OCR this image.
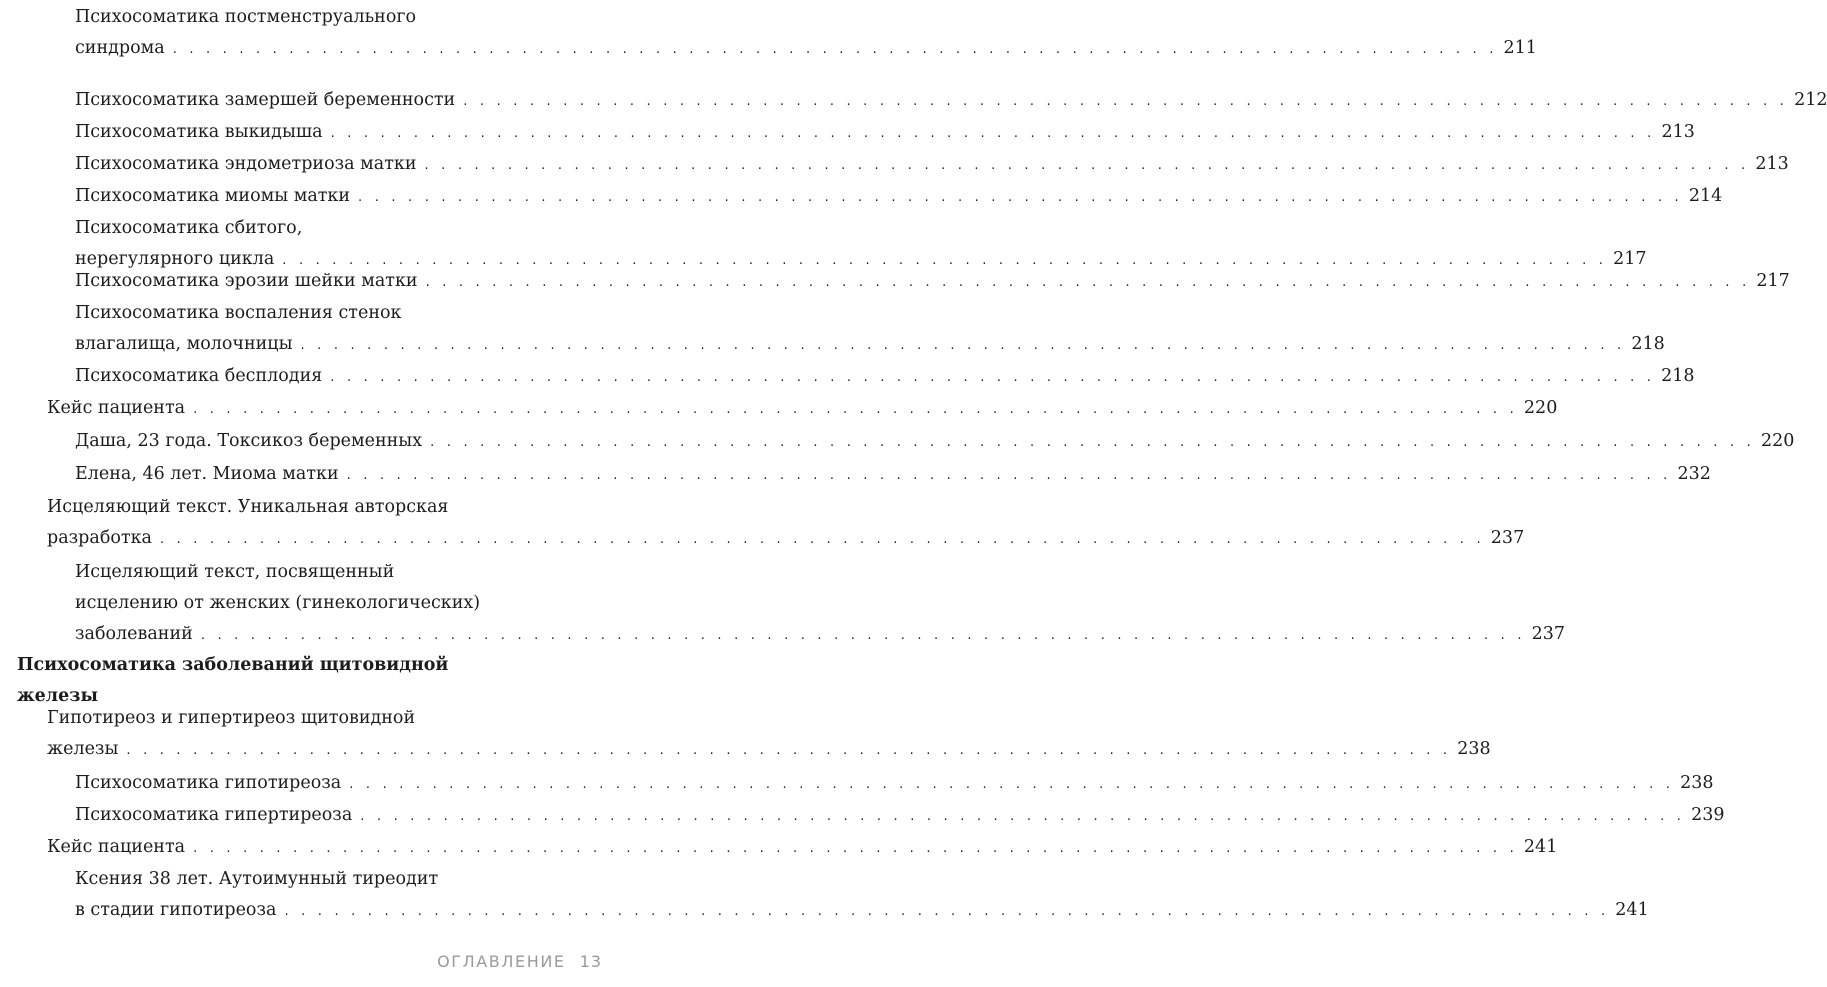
Психосоматика постменструального
синдрома . . . . . . . . . . . . . . . . . . . . . . . . . . . . . . . . . . . . . . . . . . . . . . . . . . . . . . . . . . . . . . . . . . . . . . . . . . . . . . . . 211
Психосоматика замершей беременности . . . . . . . . . . . . . . . . . . . . . . . . . . . . . . . . . . . . . . . . . . . . . . . . . . . . . . . . . . . . . . . . . . . . . . . . . . . . . . . . 212
Психосоматика выкидыша . . . . . . . . . . . . . . . . . . . . . . . . . . . . . . . . . . . . . . . . . . . . . . . . . . . . . . . . . . . . . . . . . . . . . . . . . . . . . . . . 213
Психосоматика эндометриоза матки . . . . . . . . . . . . . . . . . . . . . . . . . . . . . . . . . . . . . . . . . . . . . . . . . . . . . . . . . . . . . . . . . . . . . . . . . . . . . . . . 213
Психосоматика миомы матки . . . . . . . . . . . . . . . . . . . . . . . . . . . . . . . . . . . . . . . . . . . . . . . . . . . . . . . . . . . . . . . . . . . . . . . . . . . . . . . . 214
Психосоматика сбитого,
нерегулярного цикла . . . . . . . . . . . . . . . . . . . . . . . . . . . . . . . . . . . . . . . . . . . . . . . . . . . . . . . . . . . . . . . . . . . . . . . . . . . . . . . . 217
Психосоматика эрозии шейки матки . . . . . . . . . . . . . . . . . . . . . . . . . . . . . . . . . . . . . . . . . . . . . . . . . . . . . . . . . . . . . . . . . . . . . . . . . . . . . . . . 217
Психосоматика воспаления стенок
влагалища, молочницы . . . . . . . . . . . . . . . . . . . . . . . . . . . . . . . . . . . . . . . . . . . . . . . . . . . . . . . . . . . . . . . . . . . . . . . . . . . . . . . . 218
Психосоматика бесплодия . . . . . . . . . . . . . . . . . . . . . . . . . . . . . . . . . . . . . . . . . . . . . . . . . . . . . . . . . . . . . . . . . . . . . . . . . . . . . . . . 218
Кейс пациента . . . . . . . . . . . . . . . . . . . . . . . . . . . . . . . . . . . . . . . . . . . . . . . . . . . . . . . . . . . . . . . . . . . . . . . . . . . . . . . . 220
Даша, 23 года. Токсикоз беременных . . . . . . . . . . . . . . . . . . . . . . . . . . . . . . . . . . . . . . . . . . . . . . . . . . . . . . . . . . . . . . . . . . . . . . . . . . . . . . . . 220
Елена, 46 лет. Миома матки . . . . . . . . . . . . . . . . . . . . . . . . . . . . . . . . . . . . . . . . . . . . . . . . . . . . . . . . . . . . . . . . . . . . . . . . . . . . . . . . 232
Исцеляющий текст. Уникальная авторская
разработка . . . . . . . . . . . . . . . . . . . . . . . . . . . . . . . . . . . . . . . . . . . . . . . . . . . . . . . . . . . . . . . . . . . . . . . . . . . . . . . . 237
Исцеляющий текст, посвященный
исцелению от женских (гинекологических)
заболеваний . . . . . . . . . . . . . . . . . . . . . . . . . . . . . . . . . . . . . . . . . . . . . . . . . . . . . . . . . . . . . . . . . . . . . . . . . . . . . . . . 237
Психосоматика заболеваний щитовидной
железы
Гипотиреоз и гипертиреоз щитовидной
железы . . . . . . . . . . . . . . . . . . . . . . . . . . . . . . . . . . . . . . . . . . . . . . . . . . . . . . . . . . . . . . . . . . . . . . . . . . . . . . . . 238
Психосоматика гипотиреоза . . . . . . . . . . . . . . . . . . . . . . . . . . . . . . . . . . . . . . . . . . . . . . . . . . . . . . . . . . . . . . . . . . . . . . . . . . . . . . . . 238
Психосоматика гипертиреоза . . . . . . . . . . . . . . . . . . . . . . . . . . . . . . . . . . . . . . . . . . . . . . . . . . . . . . . . . . . . . . . . . . . . . . . . . . . . . . . . 239
Кейс пациента . . . . . . . . . . . . . . . . . . . . . . . . . . . . . . . . . . . . . . . . . . . . . . . . . . . . . . . . . . . . . . . . . . . . . . . . . . . . . . . . 241
Ксения 38 лет. Аутоимунный тиреодит
в стадии гипотиреоза . . . . . . . . . . . . . . . . . . . . . . . . . . . . . . . . . . . . . . . . . . . . . . . . . . . . . . . . . . . . . . . . . . . . . . . . . . . . . . . . 241
ОГЛАВЛЕНИЕ 13
